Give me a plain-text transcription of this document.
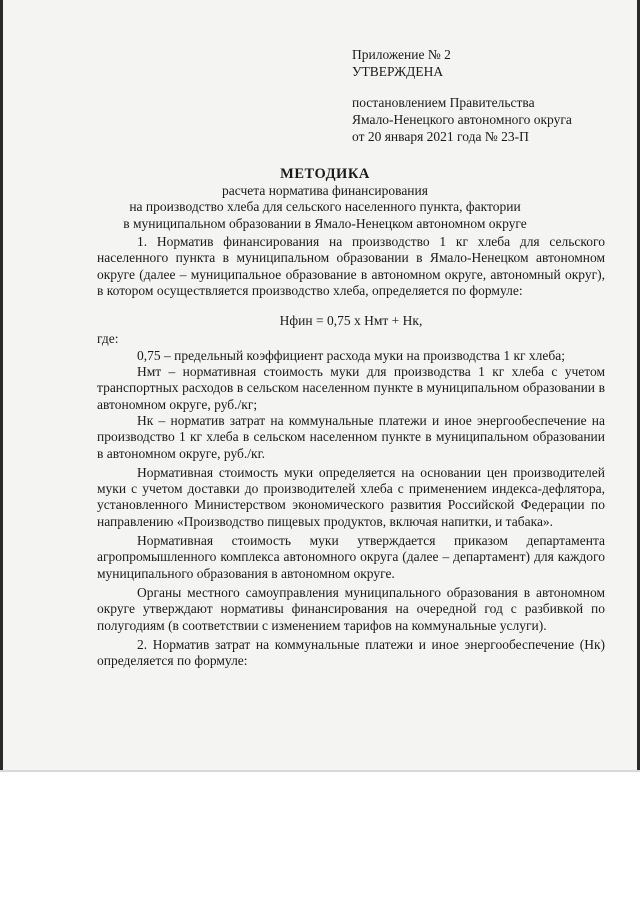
Приложение № 2
УТВЕРЖДЕНА
постановлением Правительства
Ямало-Ненецкого автономного округа
от 20 января 2021 года № 23-П
МЕТОДИКА
расчета норматива финансирования
на производство хлеба для сельского населенного пункта, фактории
в муниципальном образовании в Ямало-Ненецком автономном округе

1. Норматив финансирования на производство 1 кг хлеба для сельского населенного пункта в муниципальном образовании в Ямало-Ненецком автономном округе (далее – муниципальное образование в автономном округе, автономный округ), в котором осуществляется производство хлеба, определяется по формуле:

Нфин = 0,75 х Нмт + Нк,

где:

0,75 – предельный коэффициент расхода муки на производства 1 кг хлеба;

Нмт – нормативная стоимость муки для производства 1 кг хлеба с учетом транспортных расходов в сельском населенном пункте в муниципальном образовании в автономном округе, руб./кг;

Нк – норматив затрат на коммунальные платежи и иное энергообеспечение на производство 1 кг хлеба в сельском населенном пункте в муниципальном образовании в автономном округе, руб./кг.

Нормативная стоимость муки определяется на основании цен производителей муки с учетом доставки до производителей хлеба с применением индекса-дефлятора, установленного Министерством экономического развития Российской Федерации по направлению «Производство пищевых продуктов, включая напитки, и табака».

Нормативная стоимость муки утверждается приказом департамента агропромышленного комплекса автономного округа (далее – департамент) для каждого муниципального образования в автономном округе.

Органы местного самоуправления муниципального образования в автономном округе утверждают нормативы финансирования на очередной год с разбивкой по полугодиям (в соответствии с изменением тарифов на коммунальные услуги).

2. Норматив затрат на коммунальные платежи и иное энергообеспечение (Нк) определяется по формуле:
